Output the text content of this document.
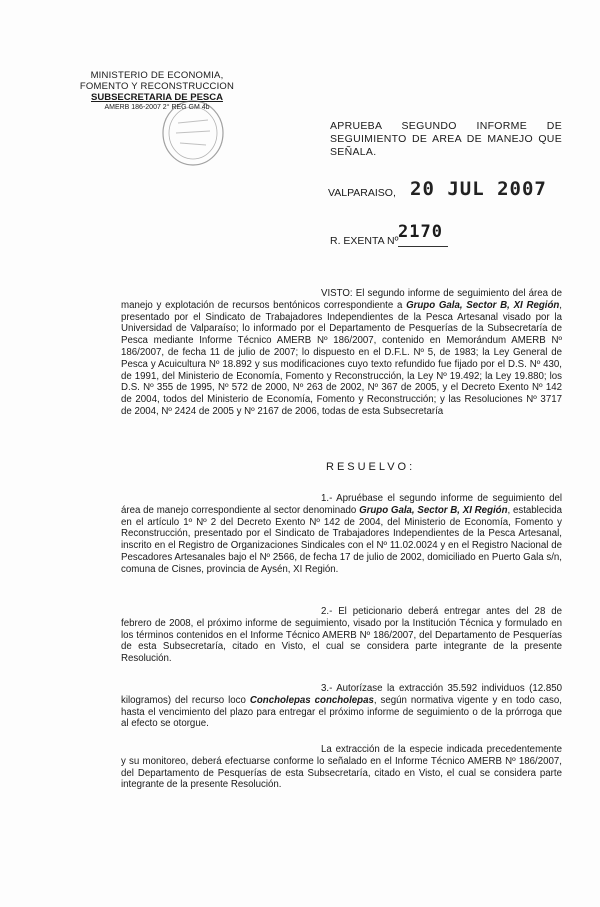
MINISTERIO DE ECONOMIA,
FOMENTO Y RECONSTRUCCION
SUBSECRETARIA DE PESCA
AMERB 186-2007 2° REG GM 4b
APRUEBA SEGUNDO INFORME DE SEGUIMIENTO DE AREA DE MANEJO QUE SEÑALA.
VALPARAISO, 20 JUL 2007
R. EXENTA Nº 2170
VISTO: El segundo informe de seguimiento del área de manejo y explotación de recursos bentónicos correspondiente a Grupo Gala, Sector B, XI Región, presentado por el Sindicato de Trabajadores Independientes de la Pesca Artesanal visado por la Universidad de Valparaíso; lo informado por el Departamento de Pesquerías de la Subsecretaría de Pesca mediante Informe Técnico AMERB Nº 186/2007, contenido en Memorándum AMERB Nº 186/2007, de fecha 11 de julio de 2007; lo dispuesto en el D.F.L. Nº 5, de 1983; la Ley General de Pesca y Acuicultura Nº 18.892 y sus modificaciones cuyo texto refundido fue fijado por el D.S. Nº 430, de 1991, del Ministerio de Economía, Fomento y Reconstrucción, la Ley Nº 19.492; la Ley 19.880; los D.S. Nº 355 de 1995, Nº 572 de 2000, Nº 263 de 2002, Nº 367 de 2005, y el Decreto Exento Nº 142 de 2004, todos del Ministerio de Economía, Fomento y Reconstrucción; y las Resoluciones Nº 3717 de 2004, Nº 2424 de 2005 y Nº 2167 de 2006, todas de esta Subsecretaría
RESUELVO:
1.- Apruébase el segundo informe de seguimiento del área de manejo correspondiente al sector denominado Grupo Gala, Sector B, XI Región, establecida en el artículo 1º Nº 2 del Decreto Exento Nº 142 de 2004, del Ministerio de Economía, Fomento y Reconstrucción, presentado por el Sindicato de Trabajadores Independientes de la Pesca Artesanal, inscrito en el Registro de Organizaciones Sindicales con el Nº 11.02.0024 y en el Registro Nacional de Pescadores Artesanales bajo el Nº 2566, de fecha 17 de julio de 2002, domiciliado en Puerto Gala s/n, comuna de Cisnes, provincia de Aysén, XI Región.
2.- El peticionario deberá entregar antes del 28 de febrero de 2008, el próximo informe de seguimiento, visado por la Institución Técnica y formulado en los términos contenidos en el Informe Técnico AMERB Nº 186/2007, del Departamento de Pesquerías de esta Subsecretaría, citado en Visto, el cual se considera parte integrante de la presente Resolución.
3.- Autorízase la extracción 35.592 individuos (12.850 kilogramos) del recurso loco Concholepas concholepas, según normativa vigente y en todo caso, hasta el vencimiento del plazo para entregar el próximo informe de seguimiento o de la prórroga que al efecto se otorgue.
La extracción de la especie indicada precedentemente y su monitoreo, deberá efectuarse conforme lo señalado en el Informe Técnico AMERB Nº 186/2007, del Departamento de Pesquerías de esta Subsecretaría, citado en Visto, el cual se considera parte integrante de la presente Resolución.
